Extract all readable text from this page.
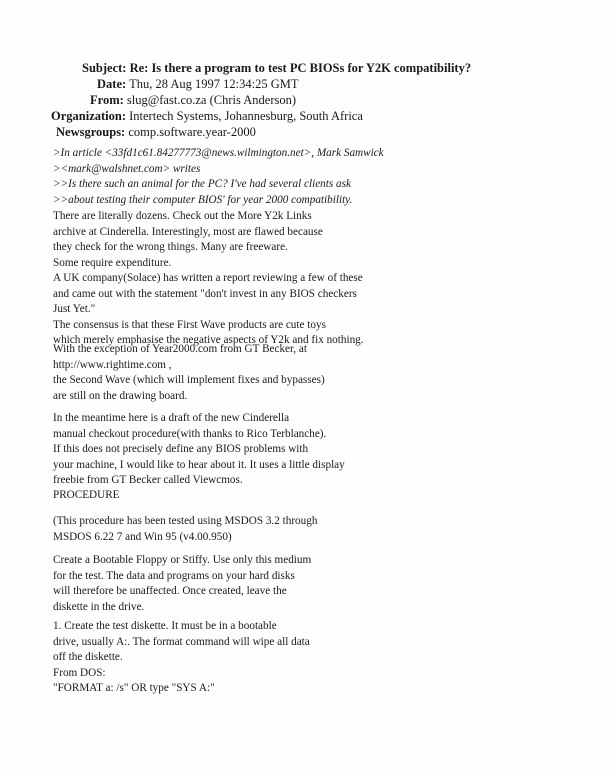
Subject: Re: Is there a program to test PC BIOSs for Y2K compatibility?
Date: Thu, 28 Aug 1997 12:34:25 GMT
From: slug@fast.co.za (Chris Anderson)
Organization: Intertech Systems, Johannesburg, South Africa
Newsgroups: comp.software.year-2000
>In article <33fd1c61.84277773@news.wilmington.net>, Mark Samwick
><mark@walshnet.com> writes
>>Is there such an animal for the PC? I've had several clients ask
>>about testing their computer BIOS' for year 2000 compatibility.
There are literally dozens. Check out the More Y2k Links
archive at Cinderella. Interestingly, most are flawed because
they check for the wrong things. Many are freeware.
Some require expenditure.
A UK company(Solace) has written a report reviewing a few of these
and came out with the statement "don't invest in any BIOS checkers
Just Yet."
The consensus is that these First Wave products are cute toys
which merely emphasise the negative aspects of Y2k and fix nothing.
With the exception of Year2000.com from GT Becker, at
http://www.rightime.com ,
the Second Wave (which will implement fixes and bypasses)
are still on the drawing board.
In the meantime here is a draft of the new Cinderella
manual checkout procedure(with thanks to Rico Terblanche).
If this does not precisely define any BIOS problems with
your machine, I would like to hear about it. It uses a little display
freebie from GT Becker called Viewcmos.
PROCEDURE
(This procedure has been tested using MSDOS 3.2 through
MSDOS 6.22 7 and Win 95 (v4.00.950)
Create a Bootable Floppy or Stiffy. Use only this medium
for the test. The data and programs on your hard disks
will therefore be unaffected. Once created, leave the
diskette in the drive.
1. Create the test diskette. It must be in a bootable
drive, usually A:. The format command will wipe all data
off the diskette.
From DOS:
"FORMAT a: /s" OR type "SYS A:"
